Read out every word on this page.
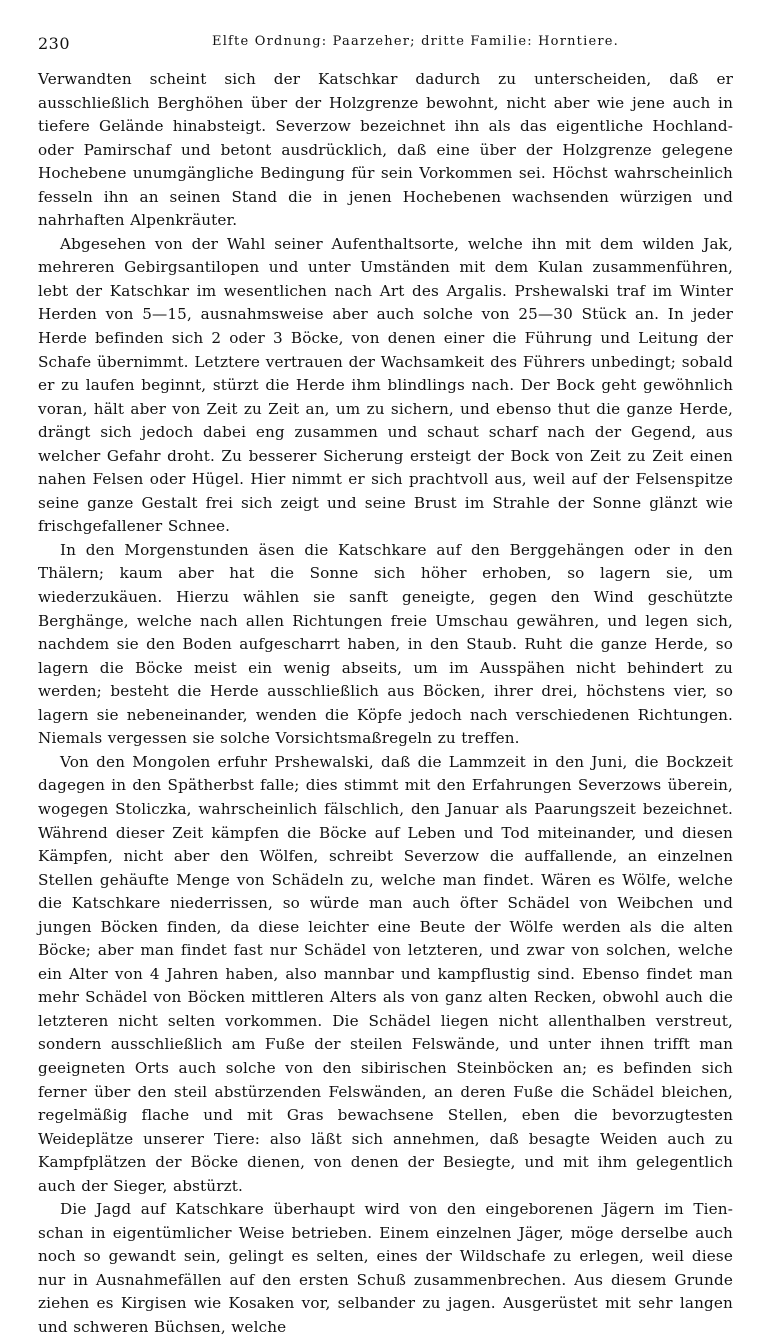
230	Elfte Ordnung: Paarzeher; dritte Familie: Horntiere.

Verwandten scheint sich der Katschkar dadurch zu unterscheiden, daß er ausschließlich Berghöhen über der Holzgrenze bewohnt, nicht aber wie jene auch in tiefere Gelände hinabsteigt. Severzow bezeichnet ihn als das eigentliche Hochland- oder Pamirschaf und betont ausdrücklich, daß eine über der Holzgrenze gelegene Hochebene unumgängliche Bedingung für sein Vorkommen sei. Höchst wahrscheinlich fesseln ihn an seinen Stand die in jenen Hochebenen wachsenden würzigen und nahrhaften Alpenkräuter.

Abgesehen von der Wahl seiner Aufenthaltsorte, welche ihn mit dem wilden Jak, mehreren Gebirgsantilopen und unter Umständen mit dem Kulan zusammenführen, lebt der Katschkar im wesentlichen nach Art des Argalis. Prshewalski traf im Winter Herden von 5—15, ausnahmsweise aber auch solche von 25—30 Stück an. In jeder Herde befinden sich 2 oder 3 Böcke, von denen einer die Führung und Leitung der Schafe übernimmt. Letztere vertrauen der Wachsamkeit des Führers unbedingt; sobald er zu laufen beginnt, stürzt die Herde ihm blindlings nach. Der Bock geht gewöhnlich voran, hält aber von Zeit zu Zeit an, um zu sichern, und ebenso thut die ganze Herde, drängt sich jedoch dabei eng zusammen und schaut scharf nach der Gegend, aus welcher Gefahr droht. Zu besserer Sicherung ersteigt der Bock von Zeit zu Zeit einen nahen Felsen oder Hügel. Hier nimmt er sich prachtvoll aus, weil auf der Felsenspitze seine ganze Gestalt frei sich zeigt und seine Brust im Strahle der Sonne glänzt wie frischgefallener Schnee.

In den Morgenstunden äsen die Katschkare auf den Berggehängen oder in den Thälern; kaum aber hat die Sonne sich höher erhoben, so lagern sie, um wiederzukäuen. Hierzu wählen sie sanft geneigte, gegen den Wind geschützte Berghänge, welche nach allen Richtungen freie Umschau gewähren, und legen sich, nachdem sie den Boden aufgescharrt haben, in den Staub. Ruht die ganze Herde, so lagern die Böcke meist ein wenig abseits, um im Ausspähen nicht behindert zu werden; besteht die Herde ausschließlich aus Böcken, ihrer drei, höchstens vier, so lagern sie nebeneinander, wenden die Köpfe jedoch nach verschiedenen Richtungen. Niemals vergessen sie solche Vorsichtsmaßregeln zu treffen.

Von den Mongolen erfuhr Prshewalski, daß die Lammzeit in den Juni, die Bockzeit dagegen in den Spätherbst falle; dies stimmt mit den Erfahrungen Severzows überein, wogegen Stoliczka, wahrscheinlich fälschlich, den Januar als Paarungszeit bezeichnet. Während dieser Zeit kämpfen die Böcke auf Leben und Tod miteinander, und diesen Kämpfen, nicht aber den Wölfen, schreibt Severzow die auffallende, an einzelnen Stellen gehäufte Menge von Schädeln zu, welche man findet. Wären es Wölfe, welche die Katschkare niederrissen, so würde man auch öfter Schädel von Weibchen und jungen Böcken finden, da diese leichter eine Beute der Wölfe werden als die alten Böcke; aber man findet fast nur Schädel von letzteren, und zwar von solchen, welche ein Alter von 4 Jahren haben, also mannbar und kampflustig sind. Ebenso findet man mehr Schädel von Böcken mittleren Alters als von ganz alten Recken, obwohl auch die letzteren nicht selten vorkommen. Die Schädel liegen nicht allenthalben verstreut, sondern ausschließlich am Fuße der steilen Felswände, und unter ihnen trifft man geeigneten Orts auch solche von den sibirischen Steinböcken an; es befinden sich ferner über den steil abstürzenden Felswänden, an deren Fuße die Schädel bleichen, regelmäßig flache und mit Gras bewachsene Stellen, eben die bevorzugtesten Weideplätze unserer Tiere: also läßt sich annehmen, daß besagte Weiden auch zu Kampfplätzen der Böcke dienen, von denen der Besiegte, und mit ihm gelegentlich auch der Sieger, abstürzt.

Die Jagd auf Katschkare überhaupt wird von den eingeborenen Jägern im Tien-schan in eigentümlicher Weise betrieben. Einem einzelnen Jäger, möge derselbe auch noch so gewandt sein, gelingt es selten, eines der Wildschafe zu erlegen, weil diese nur in Ausnahmefällen auf den ersten Schuß zusammenbrechen. Aus diesem Grunde ziehen es Kirgisen wie Kosaken vor, selbander zu jagen. Ausgerüstet mit sehr langen und schweren Büchsen, welche
